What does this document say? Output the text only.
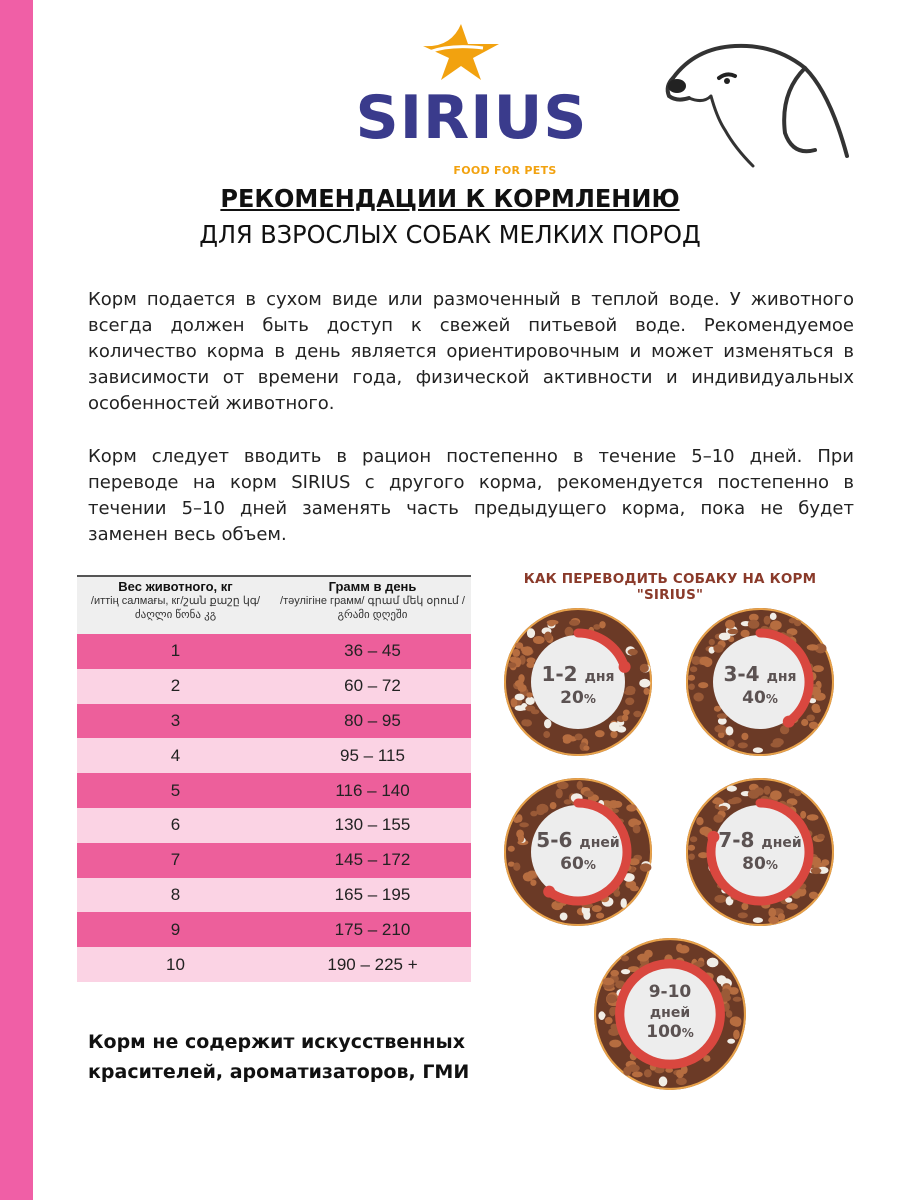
SIRIUS
FOOD FOR PETS
РЕКОМЕНДАЦИИ К КОРМЛЕНИЮ
ДЛЯ ВЗРОСЛЫХ СОБАК МЕЛКИХ ПОРОД
Корм подается в сухом виде или размоченный в теплой воде. У животного всегда должен быть доступ к свежей питьевой воде. Рекомендуемое количество корма в день является ориентировочным и может изменяться в зависимости от времени года, физической активности и индивидуальных особенностей животного.
Корм следует вводить в рацион постепенно в течение 5–10 дней. При переводе на корм SIRIUS с другого корма, рекомендуется постепенно в течении 5–10 дней заменять часть предыдущего корма, пока не будет заменен весь объем.
Вес животного, кг
/иттің салмағы, кг/շան քաշը կգ/ ძაღლი წონა კგ
Грамм в день
/тәулігіне грамм/ գրամ մեկ օրում / გრამი დღეში
1	36 – 45
2	60 – 72
3	80 – 95
4	95 – 115
5	116 – 140
6	130 – 155
7	145 – 172
8	165 – 195
9	175 – 210
10	190 – 225 +
Корм не содержит искусственных красителей, ароматизаторов, ГМИ
КАК ПЕРЕВОДИТЬ СОБАКУ НА КОРМ "SIRIUS"
1-2 дня
20%
3-4 дня
40%
5-6 дней
60%
7-8 дней
80%
9-10
дней
100%
